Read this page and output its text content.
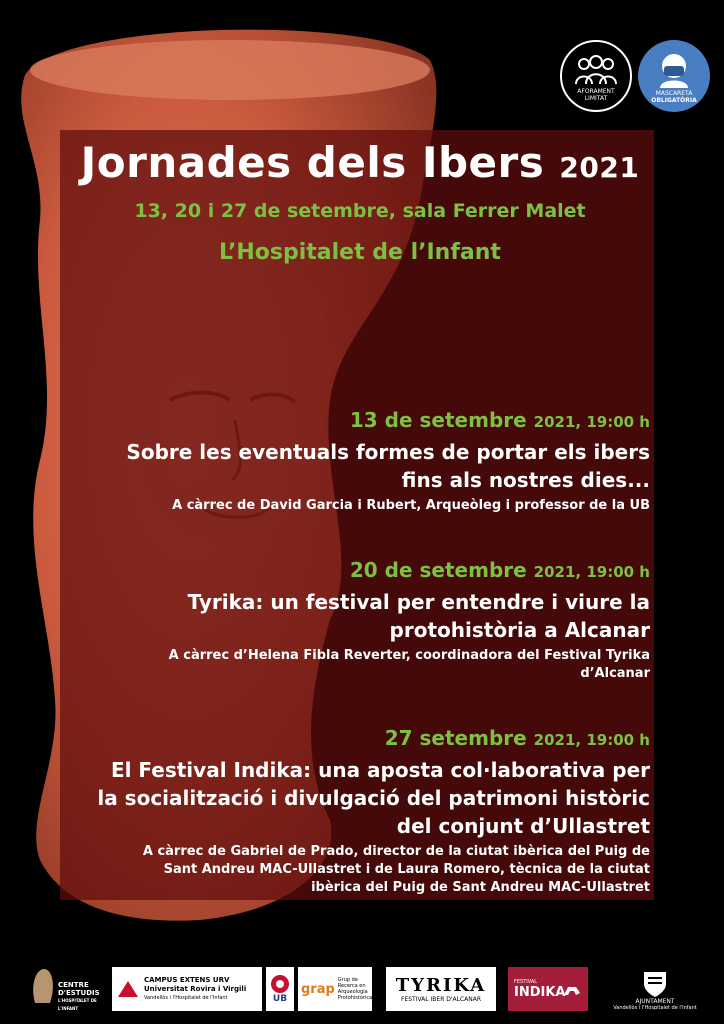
AFORAMENT
LIMITAT
MASCARETA
OBLIGATÒRIA
Jornades dels Ibers 2021
13, 20 i 27 de setembre, sala Ferrer Malet
L’Hospitalet de l’Infant
13 de setembre 2021, 19:00 h
Sobre les eventuals formes de portar els ibers
fins als nostres dies...
A càrrec de David Garcia i Rubert, Arqueòleg i professor de la UB
20 de setembre 2021, 19:00 h
Tyrika: un festival per entendre i viure la
protohistòria a Alcanar
A càrrec d’Helena Fibla Reverter, coordinadora del Festival Tyrika
d’Alcanar
27 setembre 2021, 19:00 h
El Festival Indika: una aposta col·laborativa per
la socialització i divulgació del patrimoni històric
del conjunt d’Ullastret
A càrrec de Gabriel de Prado, director de la ciutat ibèrica del Puig de
Sant Andreu MAC-Ullastret i de Laura Romero, tècnica de la ciutat
ibèrica del Puig de Sant Andreu MAC-Ullastret
CENTRE
D'ESTUDIS
L'HOSPITALET DE L'INFANT
CAMPUS EXTENS URV
Universitat Rovira i Virgili
Vandellòs i l'Hospitalet de l'Infant	UB
grap
Grup de
Recerca en
Arqueologia
Protohistòrica
TYRIKA
FESTIVAL IBER D'ALCANAR
FESTIVAL
INDIKA
AJUNTAMENT
Vandellòs i l'Hospitalet de l'Infant
